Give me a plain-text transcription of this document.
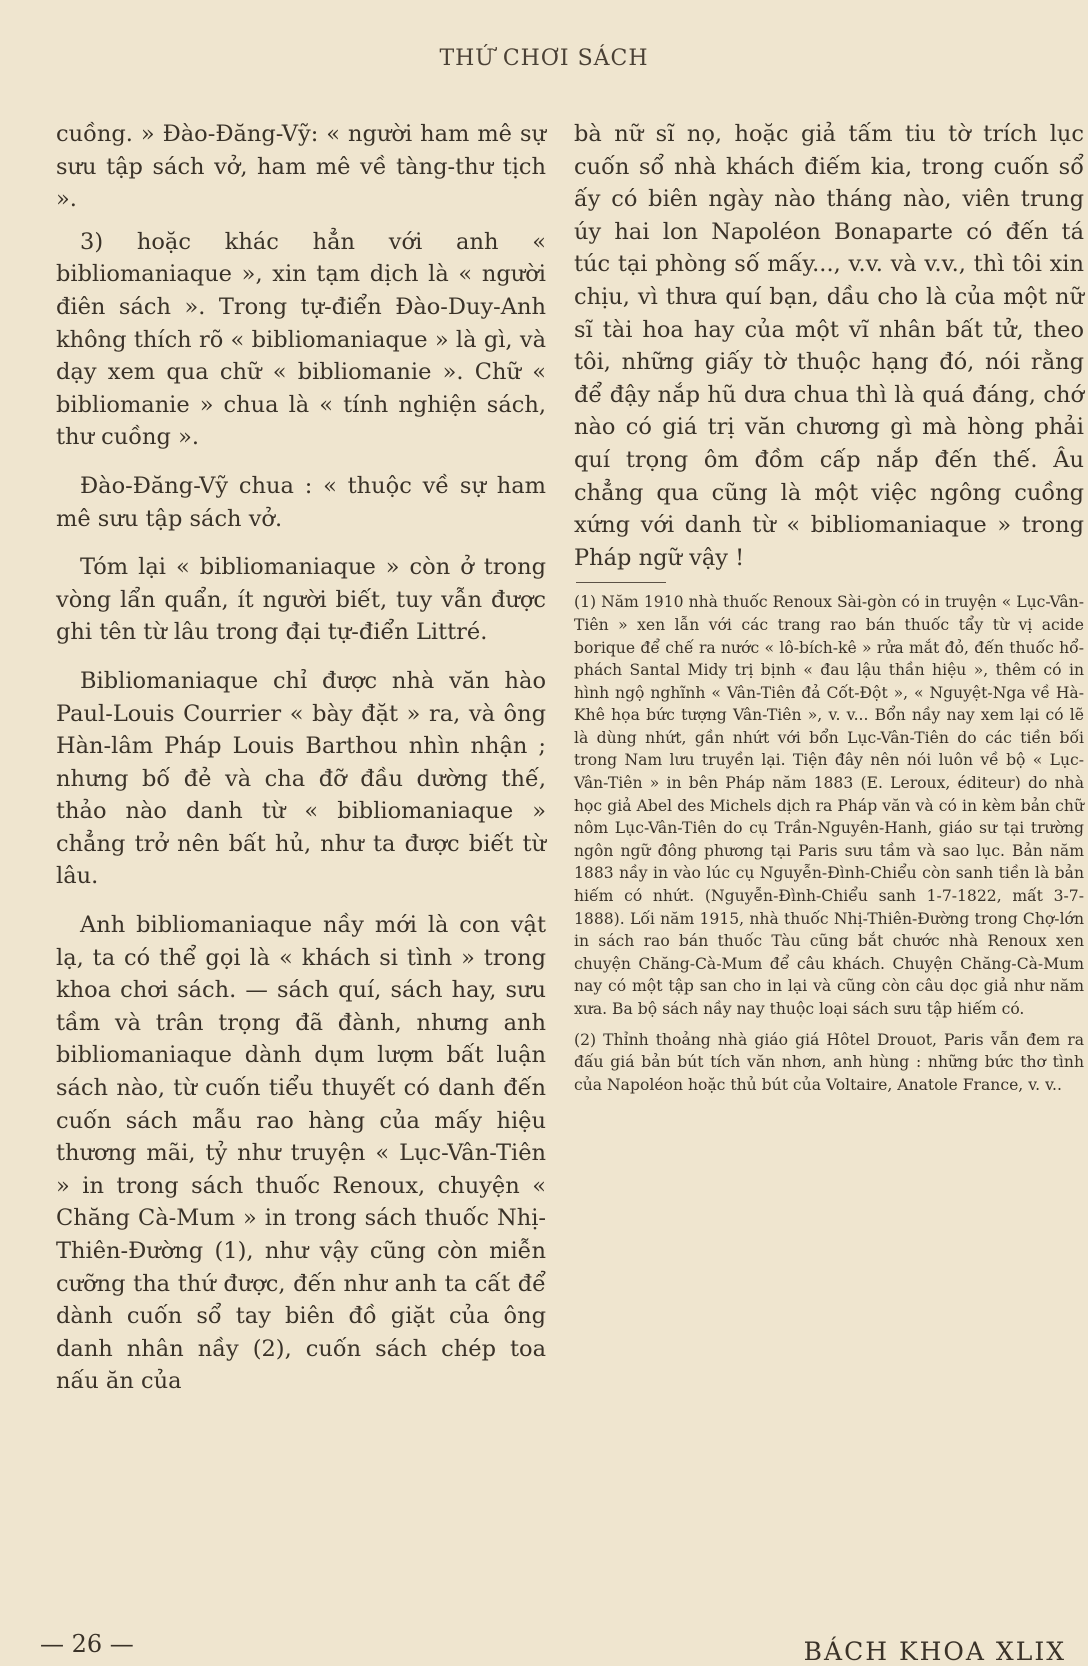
THỨ CHƠI SÁCH

cuồng. » Đào-Đăng-Vỹ: « người ham mê sự sưu tập sách vở, ham mê về tàng-thư tịch ».

3) hoặc khác hẳn với anh « bibliomaniaque », xin tạm dịch là « người điên sách ». Trong tự-điển Đào-Duy-Anh không thích rõ « bibliomaniaque » là gì, và dạy xem qua chữ « bibliomanie ». Chữ « bibliomanie » chua là « tính nghiện sách, thư cuồng ».

Đào-Đăng-Vỹ chua : « thuộc về sự ham mê sưu tập sách vở.

Tóm lại « bibliomaniaque » còn ở trong vòng lẩn quẩn, ít người biết, tuy vẫn được ghi tên từ lâu trong đại tự-điển Littré.

Bibliomaniaque chỉ được nhà văn hào Paul-Louis Courrier « bày đặt » ra, và ông Hàn-lâm Pháp Louis Barthou nhìn nhận ; nhưng bố đẻ và cha đỡ đầu dường thế, thảo nào danh từ « bibliomaniaque » chẳng trở nên bất hủ, như ta được biết từ lâu.

Anh bibliomaniaque nầy mới là con vật lạ, ta có thể gọi là « khách si tình » trong khoa chơi sách. — sách quí, sách hay, sưu tầm và trân trọng đã đành, nhưng anh bibliomaniaque dành dụm lượm bất luận sách nào, từ cuốn tiểu thuyết có danh đến cuốn sách mẫu rao hàng của mấy hiệu thương mãi, tỷ như truyện « Lục-Vân-Tiên » in trong sách thuốc Renoux, chuyện « Chăng Cà-Mum » in trong sách thuốc Nhị-Thiên-Đường (1), như vậy cũng còn miễn cưỡng tha thứ được, đến như anh ta cất để dành cuốn sổ tay biên đồ giặt của ông danh nhân nầy (2), cuốn sách chép toa nấu ăn của

bà nữ sĩ nọ, hoặc giả tấm tiu tờ trích lục cuốn sổ nhà khách điếm kia, trong cuốn sổ ấy có biên ngày nào tháng nào, viên trung úy hai lon Napoléon Bonaparte có đến tá túc tại phòng số mấy..., v.v. và v.v., thì tôi xin chịu, vì thưa quí bạn, dầu cho là của một nữ sĩ tài hoa hay của một vĩ nhân bất tử, theo tôi, những giấy tờ thuộc hạng đó, nói rằng để đậy nắp hũ dưa chua thì là quá đáng, chớ nào có giá trị văn chương gì mà hòng phải quí trọng ôm đồm cấp nắp đến thế. Âu chẳng qua cũng là một việc ngông cuồng xứng với danh từ « bibliomaniaque » trong Pháp ngữ vậy !

(1) Năm 1910 nhà thuốc Renoux Sài-gòn có in truyện « Lục-Vân-Tiên » xen lẫn với các trang rao bán thuốc tẩy từ vị acide borique để chế ra nước « lô-bích-kê » rửa mắt đỏ, đến thuốc hổ-phách Santal Midy trị bịnh « đau lậu thần hiệu », thêm có in hình ngộ nghĩnh « Vân-Tiên đả Cốt-Đột », « Nguyệt-Nga về Hà-Khê họa bức tượng Vân-Tiên », v. v... Bổn nầy nay xem lại có lẽ là dùng nhứt, gần nhứt với bổn Lục-Vân-Tiên do các tiền bối trong Nam lưu truyền lại. Tiện đây nên nói luôn về bộ « Lục-Vân-Tiên » in bên Pháp năm 1883 (E. Leroux, éditeur) do nhà học giả Abel des Michels dịch ra Pháp văn và có in kèm bản chữ nôm Lục-Vân-Tiên do cụ Trần-Nguyên-Hanh, giáo sư tại trường ngôn ngữ đông phương tại Paris sưu tầm và sao lục. Bản năm 1883 nầy in vào lúc cụ Nguyễn-Đình-Chiểu còn sanh tiền là bản hiếm có nhứt. (Nguyễn-Đình-Chiểu sanh 1-7-1822, mất 3-7-1888). Lối năm 1915, nhà thuốc Nhị-Thiên-Đường trong Chợ-lớn in sách rao bán thuốc Tàu cũng bắt chước nhà Renoux xen chuyện Chăng-Cà-Mum để câu khách. Chuyện Chăng-Cà-Mum nay có một tập san cho in lại và cũng còn câu dọc giả như năm xưa. Ba bộ sách nầy nay thuộc loại sách sưu tập hiếm có.

(2) Thỉnh thoảng nhà giáo giá Hôtel Drouot, Paris vẫn đem ra đấu giá bản bút tích văn nhơn, anh hùng : những bức thơ tình của Napoléon hoặc thủ bút của Voltaire, Anatole France, v. v..

— 26 —	BÁCH KHOA XLIX
